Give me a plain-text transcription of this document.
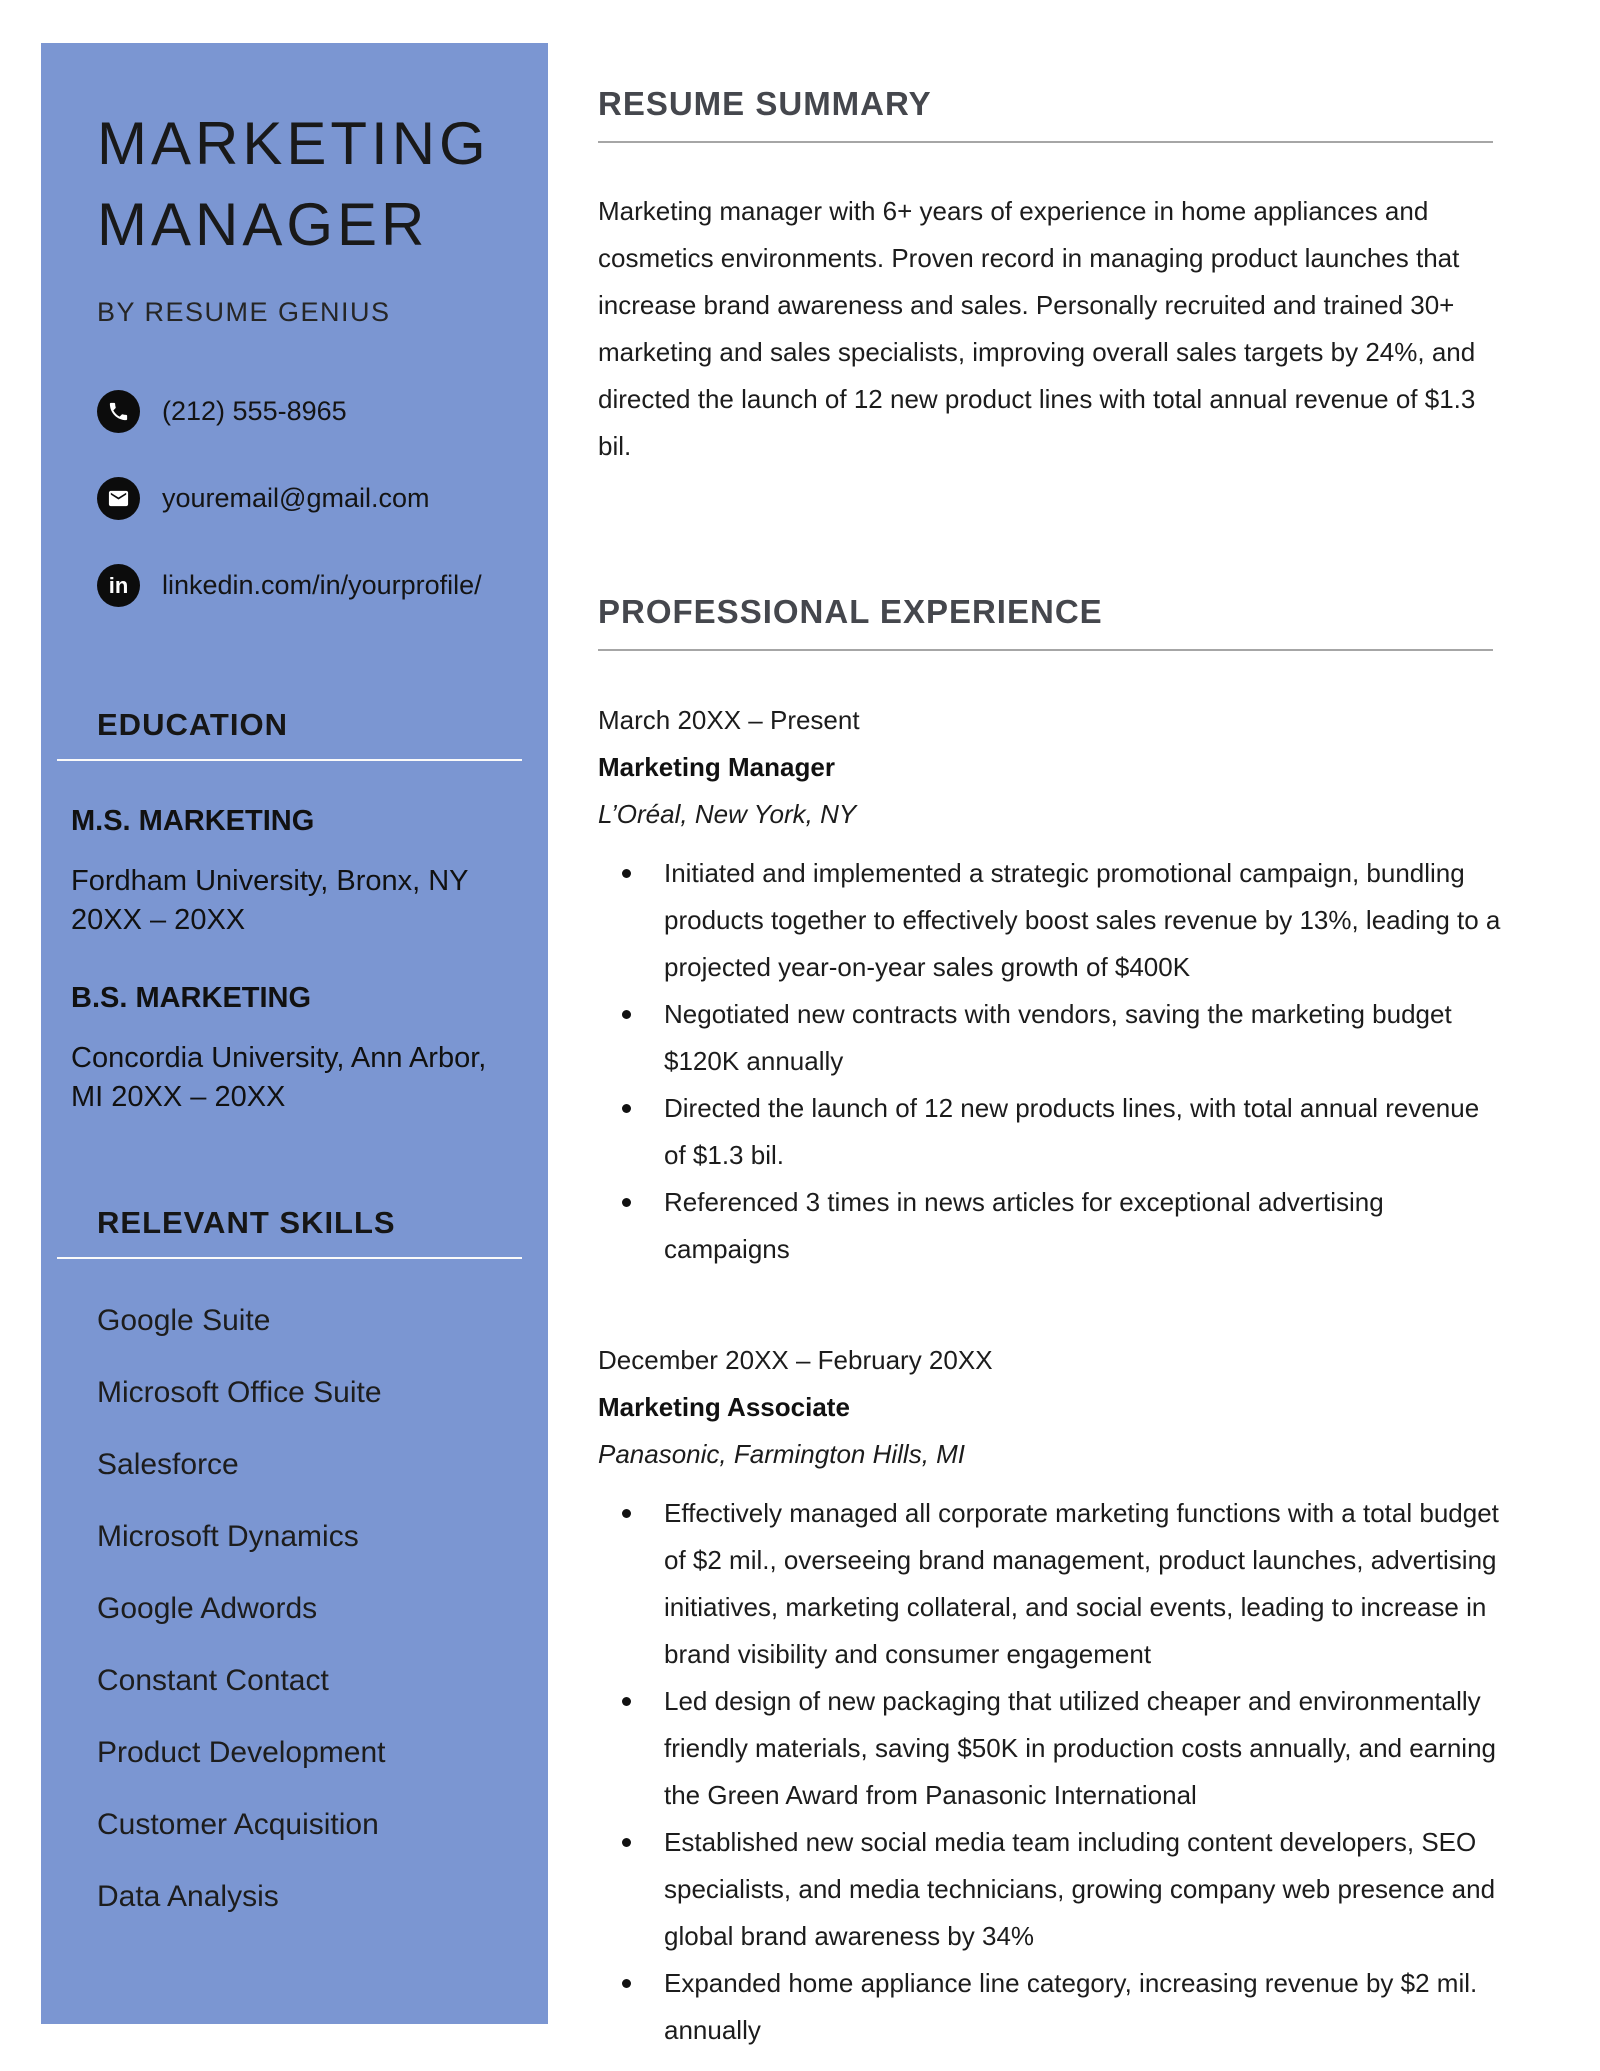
MARKETING
MANAGER
BY RESUME GENIUS
(212) 555-8965
youremail@gmail.com
in linkedin.com/in/yourprofile/
EDUCATION
M.S. MARKETING
Fordham University, Bronx, NY 20XX – 20XX
B.S. MARKETING
Concordia University, Ann Arbor, MI 20XX – 20XX
RELEVANT SKILLS
Google Suite
Microsoft Office Suite
Salesforce
Microsoft Dynamics
Google Adwords
Constant Contact
Product Development
Customer Acquisition
Data Analysis
RESUME SUMMARY

Marketing manager with 6+ years of experience in home appliances and cosmetics environments. Proven record in managing product launches that increase brand awareness and sales. Personally recruited and trained 30+ marketing and sales specialists, improving overall sales targets by 24%, and directed the launch of 12 new product lines with total annual revenue of $1.3 bil.

PROFESSIONAL EXPERIENCE
March 20XX – Present
Marketing Manager
L’Oréal, New York, NY
Initiated and implemented a strategic promotional campaign, bundling products together to effectively boost sales revenue by 13%, leading to a projected year-on-year sales growth of $400K
Negotiated new contracts with vendors, saving the marketing budget $120K annually
Directed the launch of 12 new products lines, with total annual revenue of $1.3 bil.
Referenced 3 times in news articles for exceptional advertising campaigns
December 20XX – February 20XX
Marketing Associate
Panasonic, Farmington Hills, MI
Effectively managed all corporate marketing functions with a total budget of $2 mil., overseeing brand management, product launches, advertising initiatives, marketing collateral, and social events, leading to increase in brand visibility and consumer engagement
Led design of new packaging that utilized cheaper and environmentally friendly materials, saving $50K in production costs annually, and earning the Green Award from Panasonic International
Established new social media team including content developers, SEO specialists, and media technicians, growing company web presence and global brand awareness by 34%
Expanded home appliance line category, increasing revenue by $2 mil. annually
